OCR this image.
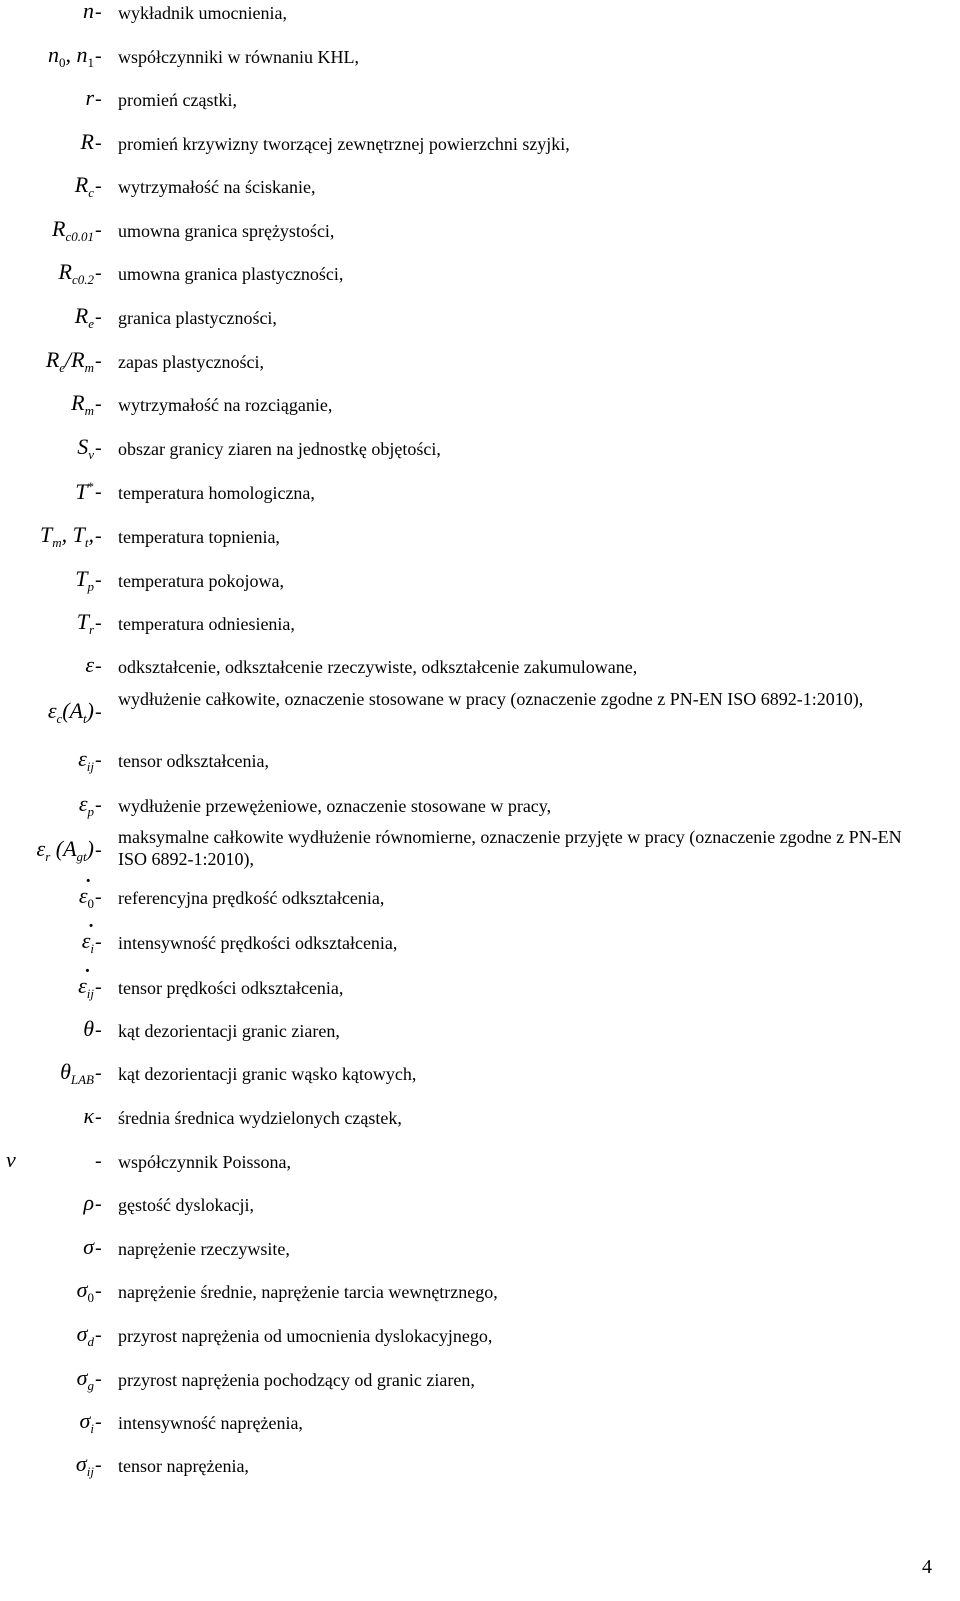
n - wykładnik umocnienia,
$n_0$, $n_1$ - współczynniki w równaniu KHL,
r - promień cząstki,
R - promień krzywizny tworzącej zewnętrznej powierzchni szyjki,
$R_c$ - wytrzymałość na ściskanie,
$R_{c0.01}$ - umowna granica sprężystości,
$R_{c0.2}$ - umowna granica plastyczności,
$R_e$ - granica plastyczności,
$R_e/R_m$ - zapas plastyczności,
$R_m$ - wytrzymałość na rozciąganie,
$S_v$ - obszar granicy ziaren na jednostkę objętości,
T* - temperatura homologiczna,
$T_m$, $T_t$, - temperatura topnienia,
$T_p$ - temperatura pokojowa,
$T_r$ - temperatura odniesienia,
ε - odkształcenie, odkształcenie rzeczywiste, odkształcenie zakumulowane,
$\varepsilon_c(A_t)$ -
wydłużenie całkowite, oznaczenie stosowane w pracy (oznaczenie zgodne z PN-EN ISO 6892-1:2010),
$\varepsilon_{ij}$ - tensor odkształcenia,
$\varepsilon_p$ - wydłużenie przewężeniowe, oznaczenie stosowane w pracy,
$\varepsilon_r$ $(A_{gt})$ -
maksymalne całkowite wydłużenie równomierne, oznaczenie przyjęte w pracy (oznaczenie zgodne z PN-EN ISO 6892-1:2010),
· $\varepsilon_0$ - referencyjna prędkość odkształcenia,
· $\varepsilon_i$ - intensywność prędkości odkształcenia,
· $\varepsilon_{ij}$ - tensor prędkości odkształcenia,
θ - kąt dezorientacji granic ziaren,
$\theta_{LAB}$ - kąt dezorientacji granic wąsko kątowych,
κ - średnia średnica wydzielonych cząstek,
ν	- współczynnik Poissona,
ρ - gęstość dyslokacji,
σ - naprężenie rzeczywsite,
$\sigma_0$ - naprężenie średnie, naprężenie tarcia wewnętrznego,
$\sigma_d$ - przyrost naprężenia od umocnienia dyslokacyjnego,
$\sigma_g$ - przyrost naprężenia pochodzący od granic ziaren,
$\sigma_i$ - intensywność naprężenia,
$\sigma_{ij}$ - tensor naprężenia,
4
